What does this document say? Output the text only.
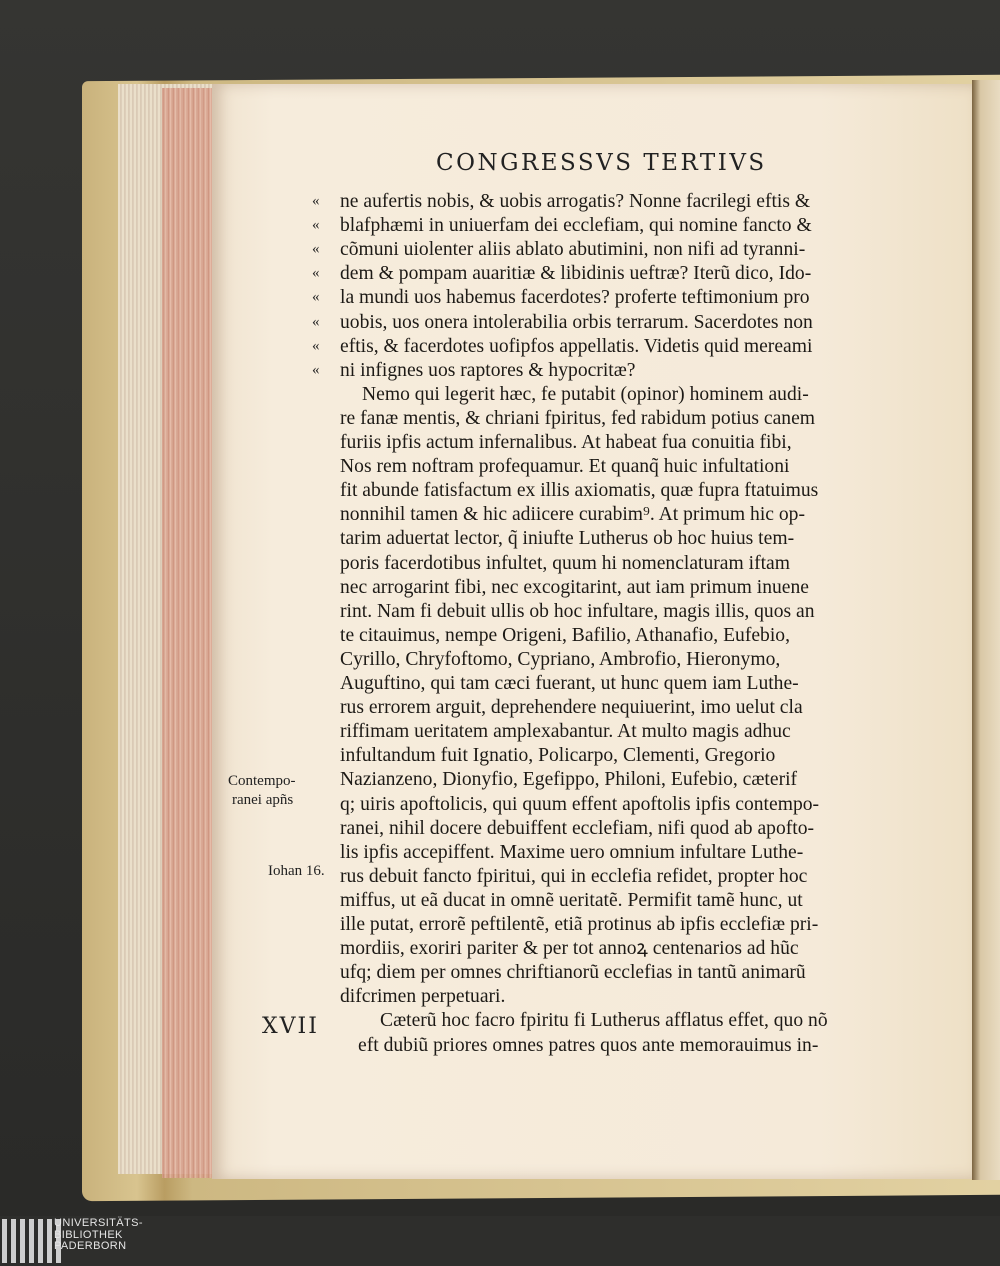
CONGRESSVS TERTIVS
« ne aufertis nobis, & uobis arrogatis? Nonne facrilegi eftis &
« blafphæmi in uniuerfam dei ecclefiam, qui nomine fancto &
« cõmuni uiolenter aliis ablato abutimini, non nifi ad tyranni-
« dem & pompam auaritiæ & libidinis ueftræ? Iterũ dico, Ido-
« la mundi uos habemus facerdotes? proferte teftimonium pro
« uobis, uos onera intolerabilia orbis terrarum. Sacerdotes non
« eftis, & facerdotes uofipfos appellatis. Videtis quid mereami
« ni infignes uos raptores & hypocritæ?
Nemo qui legerit hæc, fe putabit (opinor) hominem audi-
re fanæ mentis, & chriani fpiritus, fed rabidum potius canem
furiis ipfis actum infernalibus. At habeat fua conuitia fibi,
Nos rem noftram profequamur. Et quanq̃ huic infultationi
fit abunde fatisfactum ex illis axiomatis, quæ fupra ftatuimus
nonnihil tamen & hic adiicere curabim⁹. At primum hic op-
tarim aduertat lector, q̃ iniufte Lutherus ob hoc huius tem-
poris facerdotibus infultet, quum hi nomenclaturam iftam
nec arrogarint fibi, nec excogitarint, aut iam primum inuene
rint. Nam fi debuit ullis ob hoc infultare, magis illis, quos an
te citauimus, nempe Origeni, Bafilio, Athanafio, Eufebio,
Cyrillo, Chryfoftomo, Cypriano, Ambrofio, Hieronymo,
Auguftino, qui tam cæci fuerant, ut hunc quem iam Luthe-
rus errorem arguit, deprehendere nequiuerint, imo uelut cla
riffimam ueritatem amplexabantur. At multo magis adhuc
infultandum fuit Ignatio, Policarpo, Clementi, Gregorio
Nazianzeno, Dionyfio, Egefippo, Philoni, Eufebio, cæterif
q; uiris apoftolicis, qui quum effent apoftolis ipfis contempo-
ranei, nihil docere debuiffent ecclefiam, nifi quod ab apofto-
lis ipfis accepiffent. Maxime uero omnium infultare Luthe-
rus debuit fancto fpiritui, qui in ecclefia refidet, propter hoc
miffus, ut eã ducat in omnẽ ueritatẽ. Permifit tamẽ hunc, ut
ille putat, errorẽ peftilentẽ, etiã protinus ab ipfis ecclefiæ pri-
mordiis, exoriri pariter & per tot annoꝝ centenarios ad hũc
ufq; diem per omnes chriftianorũ ecclefias in tantũ animarũ
difcrimen perpetuari.
Cæterũ hoc facro fpiritu fi Lutherus afflatus effet, quo nõ
eft dubiũ priores omnes patres quos ante memorauimus in-
Contempo-
ranei apñs
Iohan 16.
XVII
UNIVERSITÄTS-
BIBLIOTHEK
PADERBORN
